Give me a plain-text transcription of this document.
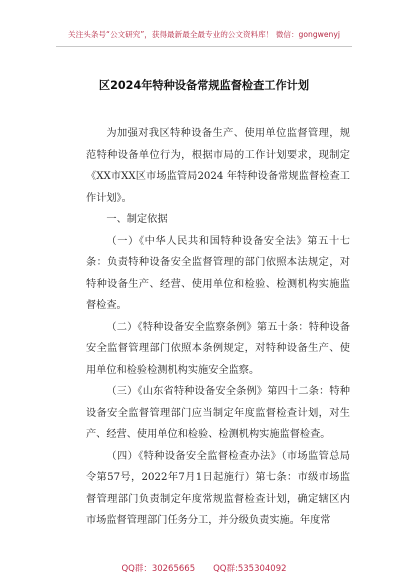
关注头条号“公文研究”，获得最新最全最专业的公文资料库！ 微信：gongwenyj
区2024年特种设备常规监督检查工作计划

为加强对我区特种设备生产、使用单位监督管理，规范特种设备单位行为，根据市局的工作计划要求，现制定《XX市XX区市场监管局2024 年特种设备常规监督检查工作计划》。

一、制定依据

（一）《中华人民共和国特种设备安全法》第五十七条：负责特种设备安全监督管理的部门依照本法规定，对特种设备生产、经营、使用单位和检验、检测机构实施监督检查。

（二）《特种设备安全监察条例》第五十条：特种设备安全监督管理部门依照本条例规定，对特种设备生产、使用单位和检验检测机构实施安全监察。

（三）《山东省特种设备安全条例》第四十二条：特种设备安全监督管理部门应当制定年度监督检查计划，对生产、经营、使用单位和检验、检测机构实施监督检查。

（四）《特种设备安全监督检查办法》（市场监管总局令第57号，2022年7月1日起施行）第七条：市级市场监督管理部门负责制定年度常规监督检查计划，确定辖区内市场监督管理部门任务分工，并分级负责实施。年度常

QQ群：30265665 QQ群:535304092
